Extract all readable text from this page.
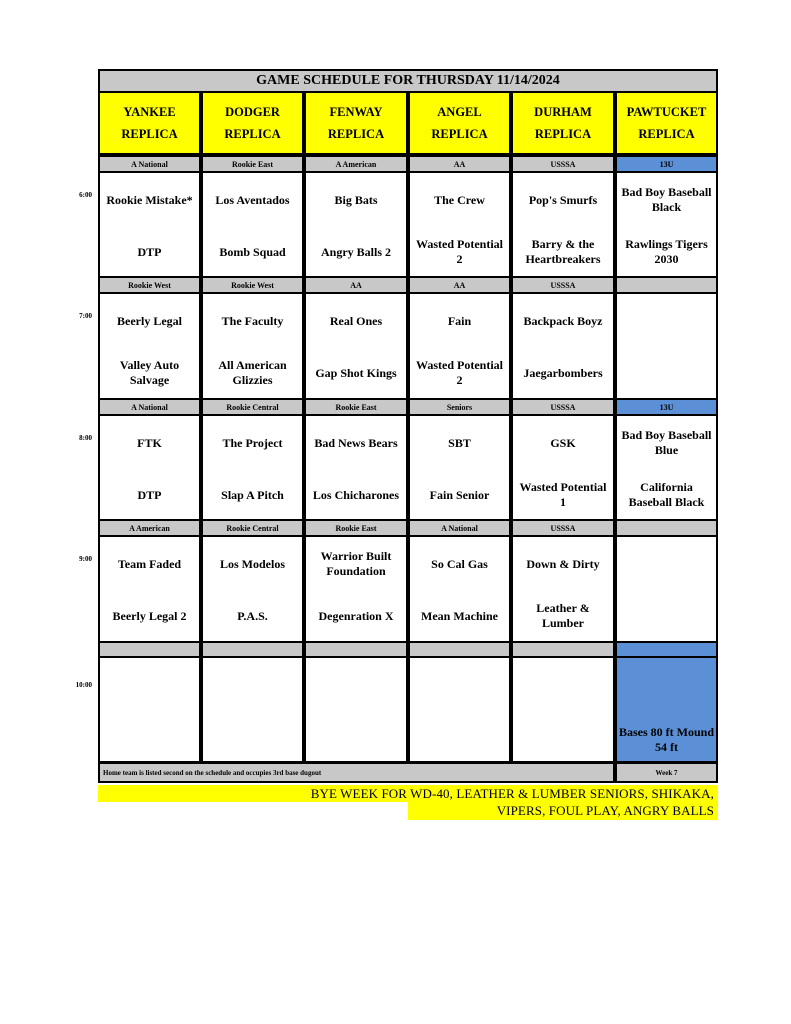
GAME SCHEDULE FOR THURSDAY 11/14/2024
YANKEE
REPLICA
DODGER
REPLICA
FENWAY
REPLICA
ANGEL
REPLICA
DURHAM
REPLICA
PAWTUCKET
REPLICA
A National
Rookie Mistake*
DTP
Rookie East
Los Aventados
Bomb Squad
A American
Big Bats
Angry Balls 2
AA
The Crew
Wasted Potential 2
USSSA
Pop's Smurfs
Barry & the Heartbreakers
13U
Bad Boy Baseball Black
Rawlings Tigers 2030
6:00
Rookie West
Beerly Legal
Valley Auto Salvage
Rookie West
The Faculty
All American Glizzies
AA
Real Ones
Gap Shot Kings
AA
Fain
Wasted Potential 2
USSSA
Backpack Boyz
Jaegarbombers
7:00
A National
FTK
DTP
Rookie Central
The Project
Slap A Pitch
Rookie East
Bad News Bears
Los Chicharones
Seniors
SBT
Fain Senior
USSSA
GSK
Wasted Potential 1
13U
Bad Boy Baseball Blue
California Baseball Black
8:00
A American
Team Faded
Beerly Legal 2
Rookie Central
Los Modelos
P.A.S.
Rookie East
Warrior Built Foundation
Degenration X
A National
So Cal Gas
Mean Machine
USSSA
Down & Dirty
Leather & Lumber
9:00
Bases 80 ft Mound 54 ft
10:00
Home team is listed second on the schedule and occupies 3rd base dugout	Week 7
BYE WEEK FOR WD-40, LEATHER & LUMBER SENIORS, SHIKAKA,
VIPERS, FOUL PLAY, ANGRY BALLS
